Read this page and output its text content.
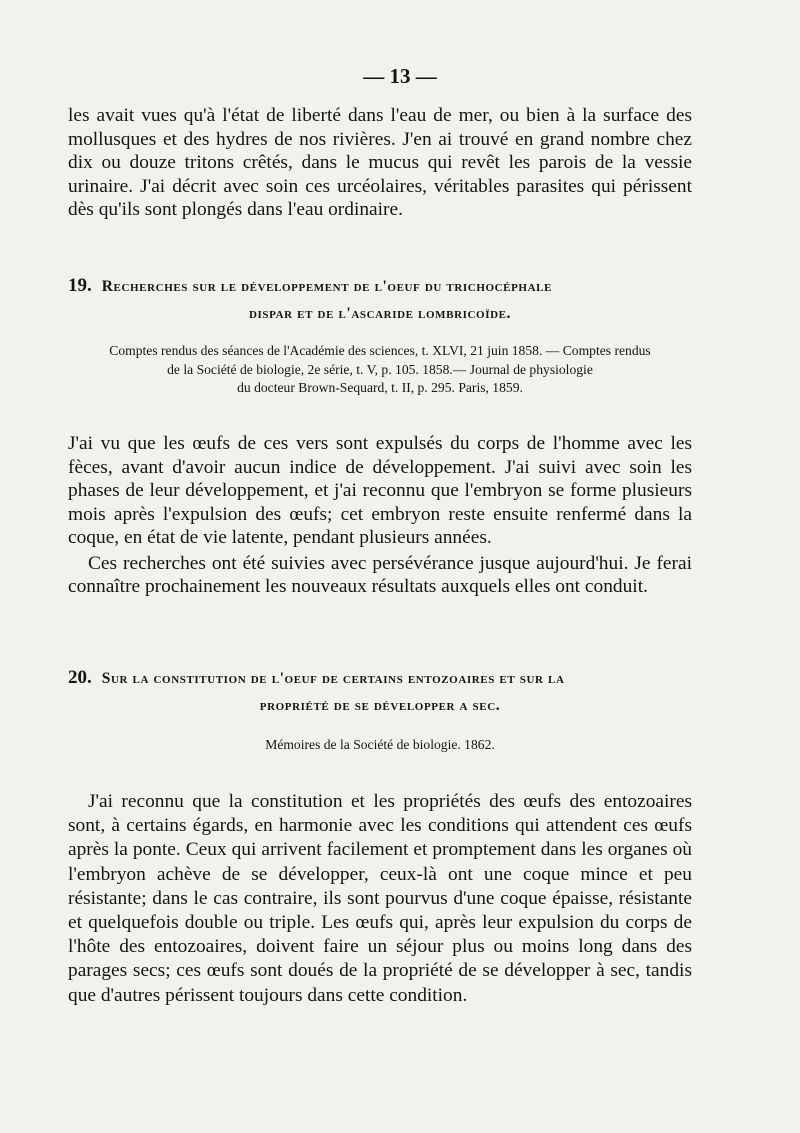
— 13 —

les avait vues qu'à l'état de liberté dans l'eau de mer, ou bien à la surface des mollusques et des hydres de nos rivières. J'en ai trouvé en grand nombre chez dix ou douze tritons crêtés, dans le mucus qui revêt les parois de la vessie urinaire. J'ai décrit avec soin ces urcéolaires, véritables parasites qui périssent dès qu'ils sont plongés dans l'eau ordinaire.

19. Recherches sur le développement de l'oeuf du trichocéphale
dispar et de l'ascaride lombricoïde.

Comptes rendus des séances de l'Académie des sciences, t. XLVI, 21 juin 1858. — Comptes rendus
de la Société de biologie, 2e série, t. V, p. 105. 1858.— Journal de physiologie
du docteur Brown-Sequard, t. II, p. 295. Paris, 1859.

J'ai vu que les œufs de ces vers sont expulsés du corps de l'homme avec les fèces, avant d'avoir aucun indice de développement. J'ai suivi avec soin les phases de leur développement, et j'ai reconnu que l'embryon se forme plusieurs mois après l'expulsion des œufs; cet embryon reste ensuite renfermé dans la coque, en état de vie latente, pendant plusieurs années.

Ces recherches ont été suivies avec persévérance jusque aujourd'hui. Je ferai connaître prochainement les nouveaux résultats auxquels elles ont conduit.

20. Sur la constitution de l'oeuf de certains entozoaires et sur la
propriété de se développer a sec.

Mémoires de la Société de biologie. 1862.

J'ai reconnu que la constitution et les propriétés des œufs des entozoaires sont, à certains égards, en harmonie avec les conditions qui attendent ces œufs après la ponte. Ceux qui arrivent facilement et promptement dans les organes où l'embryon achève de se développer, ceux-là ont une coque mince et peu résistante; dans le cas contraire, ils sont pourvus d'une coque épaisse, résistante et quelquefois double ou triple. Les œufs qui, après leur expulsion du corps de l'hôte des entozoaires, doivent faire un séjour plus ou moins long dans des parages secs; ces œufs sont doués de la propriété de se développer à sec, tandis que d'autres périssent toujours dans cette condition.
